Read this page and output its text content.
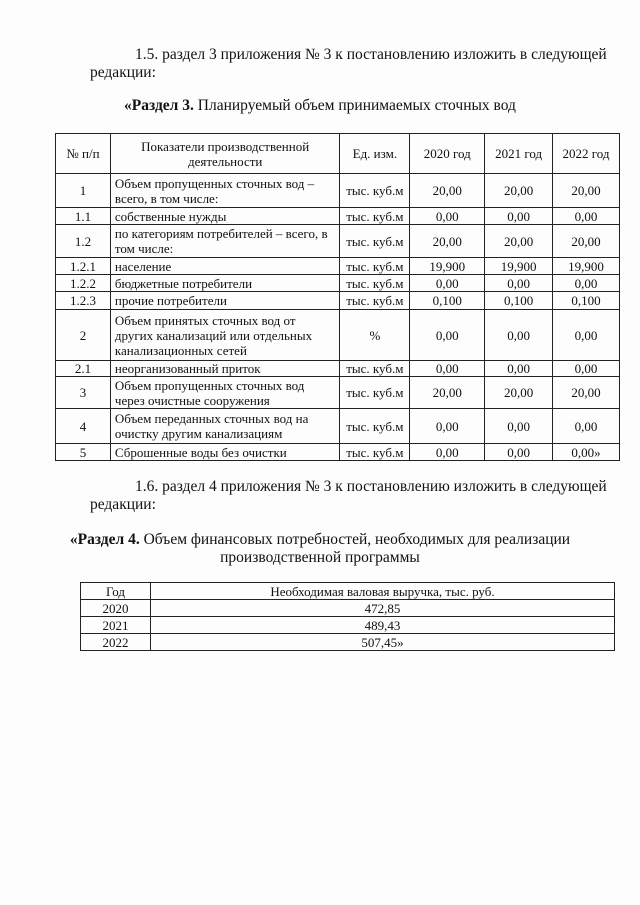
1.5. раздел 3 приложения № 3 к постановлению изложить в следующей
редакции:
«Раздел 3. Планируемый объем принимаемых сточных вод
№ п/п	Показатели производственной деятельности	Ед. изм.	2020 год	2021 год	2022 год
1	Объем пропущенных сточных вод – всего, в том числе:	тыс. куб.м	20,00	20,00	20,00
1.1	собственные нужды	тыс. куб.м	0,00	0,00	0,00
1.2	по категориям потребителей – всего, в том числе:	тыс. куб.м	20,00	20,00	20,00
1.2.1	население	тыс. куб.м	19,900	19,900	19,900
1.2.2	бюджетные потребители	тыс. куб.м	0,00	0,00	0,00
1.2.3	прочие потребители	тыс. куб.м	0,100	0,100	0,100
2	Объем принятых сточных вод от других канализаций или отдельных канализационных сетей	%	0,00	0,00	0,00
2.1	неорганизованный приток	тыс. куб.м	0,00	0,00	0,00
3	Объем пропущенных сточных вод через очистные сооружения	тыс. куб.м	20,00	20,00	20,00
4	Объем переданных сточных вод на очистку другим канализациям	тыс. куб.м	0,00	0,00	0,00
5	Сброшенные воды без очистки	тыс. куб.м	0,00	0,00	0,00»
1.6. раздел 4 приложения № 3 к постановлению изложить в следующей
редакции:
«Раздел 4. Объем финансовых потребностей, необходимых для реализации
производственной программы
Год	Необходимая валовая выручка, тыс. руб.
2020	472,85
2021	489,43
2022	507,45»
